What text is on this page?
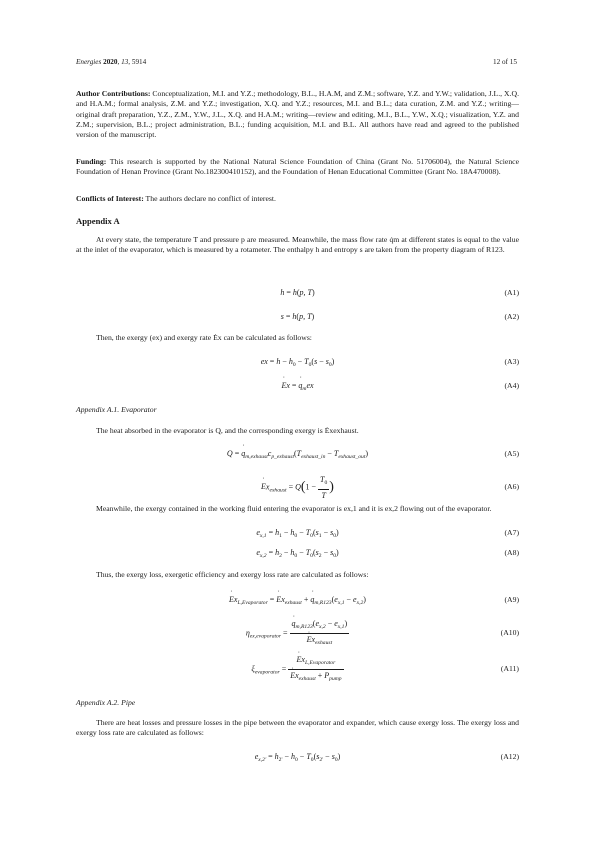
Energies 2020, 13, 5914	12 of 15

Author Contributions: Conceptualization, M.I. and Y.Z.; methodology, B.L., H.A.M, and Z.M.; software, Y.Z. and Y.W.; validation, J.L., X.Q. and H.A.M.; formal analysis, Z.M. and Y.Z.; investigation, X.Q. and Y.Z.; resources, M.I. and B.L.; data curation, Z.M. and Y.Z.; writing—original draft preparation, Y.Z., Z.M., Y.W., J.L., X.Q. and H.A.M.; writing—review and editing, M.I., B.L., Y.W., X.Q.; visualization, Y.Z. and Z.M.; supervision, B.L.; project administration, B.L.; funding acquisition, M.I. and B.L. All authors have read and agreed to the published version of the manuscript.

Funding: This research is supported by the National Natural Science Foundation of China (Grant No. 51706004), the Natural Science Foundation of Henan Province (Grant No.182300410152), and the Foundation of Henan Educational Committee (Grant No. 18A470008).

Conflicts of Interest: The authors declare no conflict of interest.

Appendix A

At every state, the temperature T and pressure p are measured. Meanwhile, the mass flow rate q̇m at different states is equal to the value at the inlet of the evaporator, which is measured by a rotameter. The enthalpy h and entropy s are taken from the property diagram of R123.

h = h(p, T)	(A1)
s = h(p, T)	(A2)

Then, the exergy (ex) and exergy rate Ėx can be calculated as follows:

ex = $h - h_0 - T_0(s - s_0)$	(A3)
E ˙x = q $˙_mex$	(A4)

Appendix A.1. Evaporator

The heat absorbed in the evaporator is Q, and the corresponding exergy is Ėxexhaust.

Q = q $˙_{m,exhaust}c_{p\_exhaust}(T_{exhaust\_in} - T_{exhaust\_out})$	(A5)
E $˙x_{exhaust} = Q(1 - \frac{T_0}{T}$ )	(A6)

Meanwhile, the exergy contained in the working fluid entering the evaporator is ex,1 and it is ex,2 flowing out of the evaporator.

$e_{x,1} = h_1 - h_0 - T_0(s_1 - s_0)$	(A7)
$e_{x,2} = h_2 - h_0 - T_0(s_2 - s_0)$	(A8)

Thus, the exergy loss, exergetic efficiency and exergy loss rate are calculated as follows:

E $˙x_{L,Evaporator} = E$ $˙x_{exhaust} + q$ $˙_{m,R123}(e_{x,1} - e_{x,2})$	(A9)
$\eta_{ex,evaporator} = \frac{q ˙_{m,R123}(e_{x,2} - e_{x,1})}{E ˙x_{exhaust}}$	(A10)
$\xi_{evaporator} = \frac{E ˙x_{L,Evaporator}}{E ˙x_{exhaust} + P_{pump}}$	(A11)

Appendix A.2. Pipe

There are heat losses and pressure losses in the pipe between the evaporator and expander, which cause exergy loss. The exergy loss and exergy loss rate are calculated as follows:

$e_{x,2'} = h_{2'} - h_0 - T_0(s_{2'} - s_0)$	(A12)
